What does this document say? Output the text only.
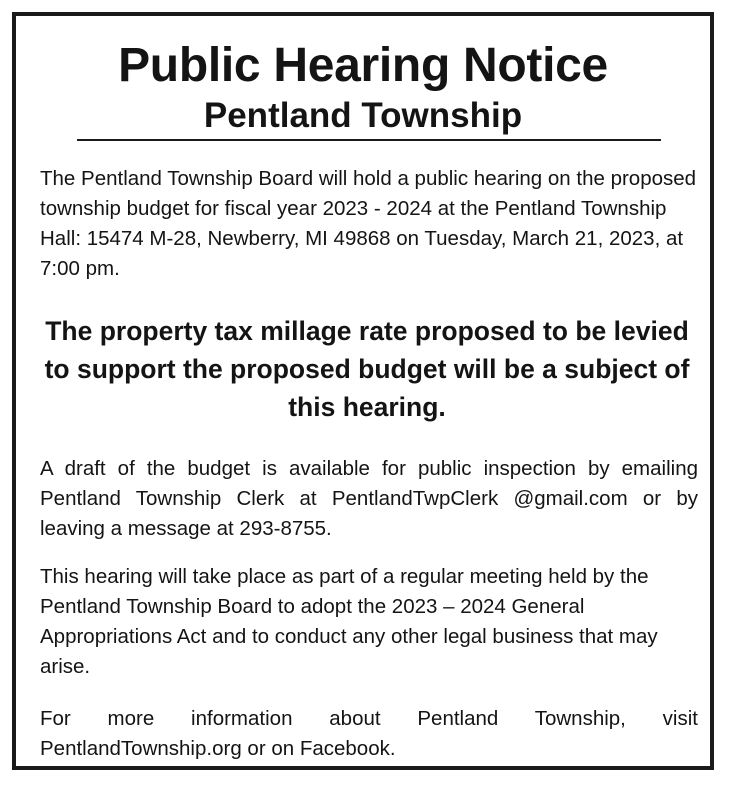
Public Hearing Notice
Pentland Township

The Pentland Township Board will hold a public hearing on the proposed township budget for fiscal year 2023 - 2024 at the Pentland Township Hall: 15474 M-28, Newberry, MI 49868 on Tuesday, March 21, 2023, at 7:00 pm.

The property tax millage rate proposed to be levied to support the proposed budget will be a subject of this hearing.

A draft of the budget is available for public inspection by emailing Pentland Township Clerk at PentlandTwpClerk @gmail.com or by leaving a message at 293-8755.

This hearing will take place as part of a regular meeting held by the Pentland Township Board to adopt the 2023 – 2024 General Appropriations Act and to conduct any other legal business that may arise.

For more information about Pentland Township, visit PentlandTownship.org or on Facebook.
